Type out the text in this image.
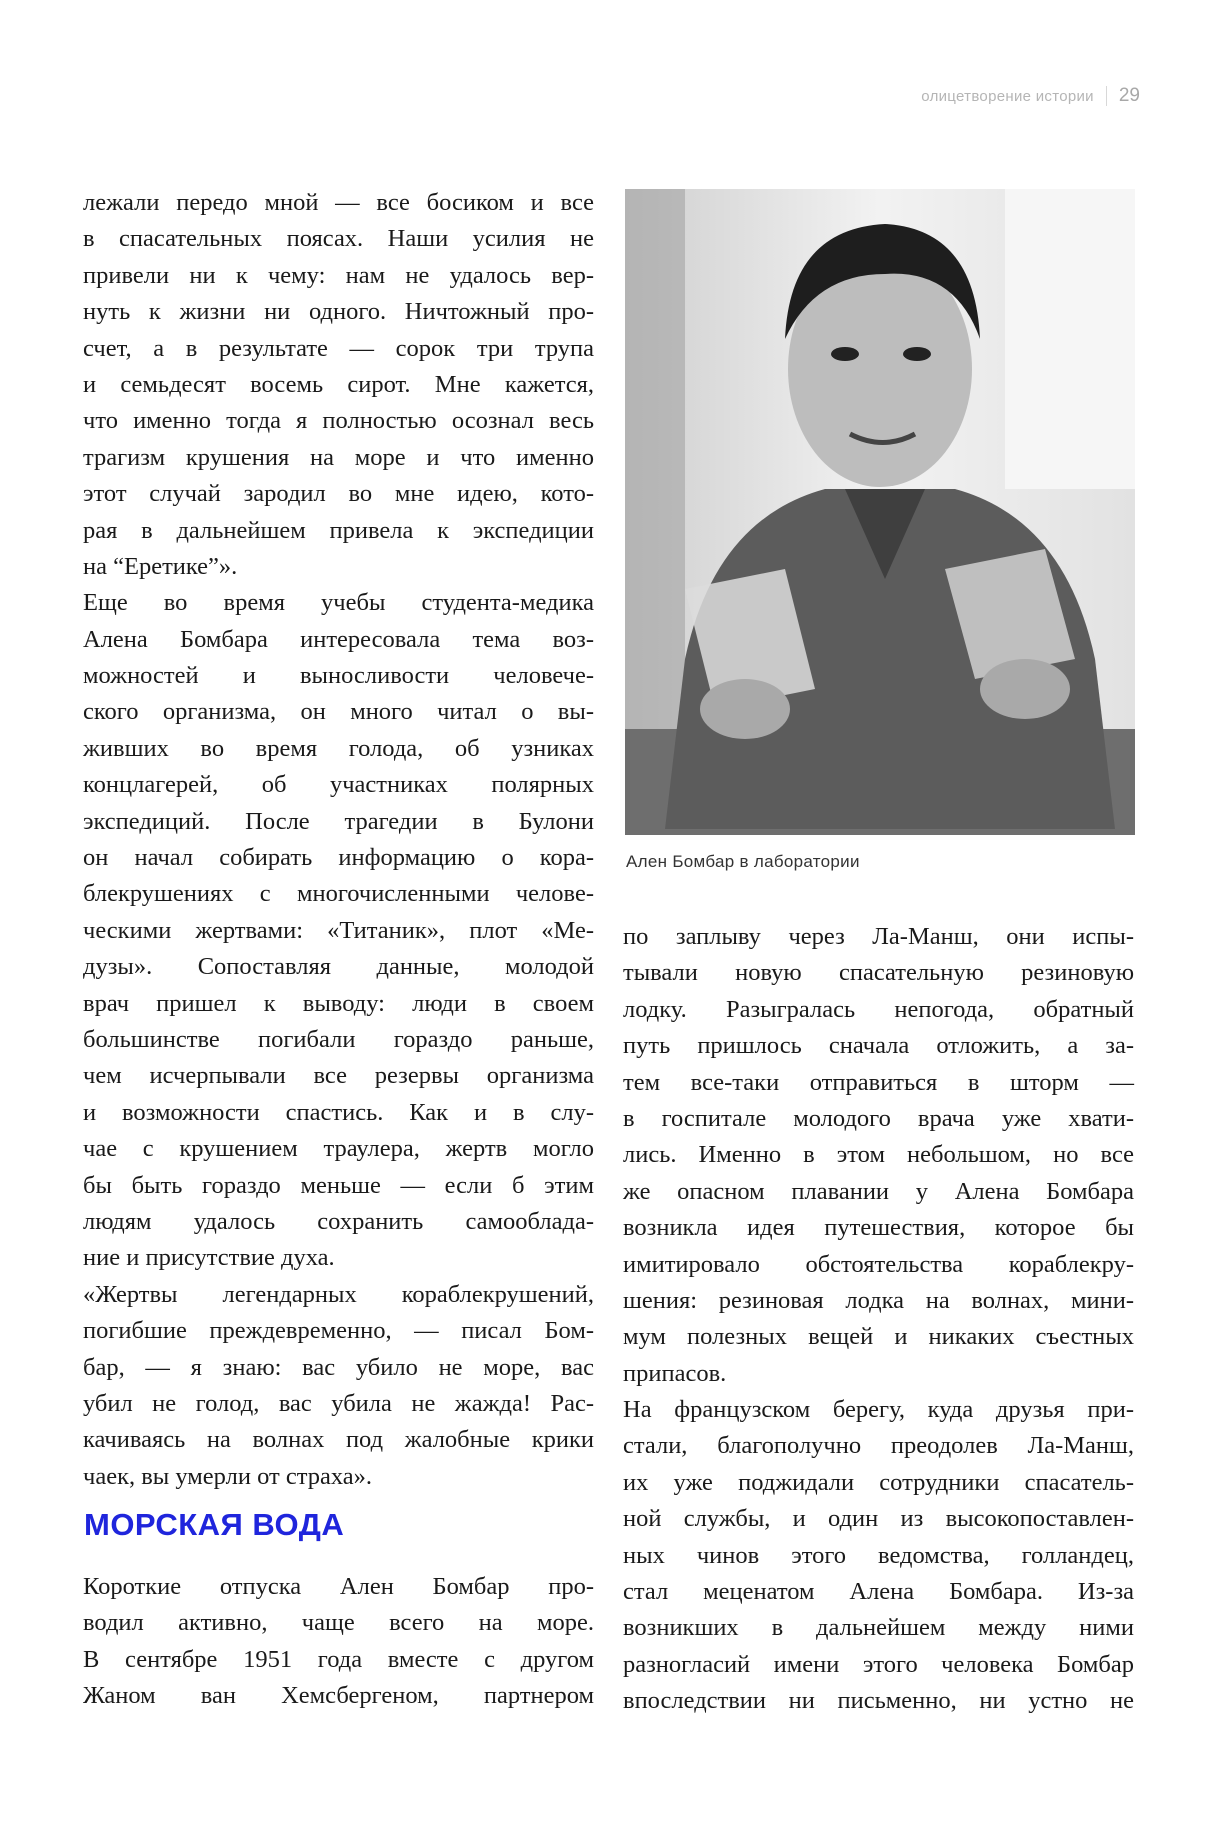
олицетворение истории 29
лежали передо мной — все босиком и все
в спасательных поясах. Наши усилия не
привели ни к чему: нам не удалось вер-
нуть к жизни ни одного. Ничтожный про-
счет, а в результате — сорок три трупа
и семьдесят восемь сирот. Мне кажется,
что именно тогда я полностью осознал весь
трагизм крушения на море и что именно
этот случай зародил во мне идею, кото-
рая в дальнейшем привела к экспедиции
на “Еретике”».
Еще во время учебы студента-медика
Алена Бомбара интересовала тема воз-
можностей и выносливости человече-
ского организма, он много читал о вы-
живших во время голода, об узниках
концлагерей, об участниках полярных
экспедиций. После трагедии в Булони
он начал собирать информацию о кора-
блекрушениях с многочисленными челове-
ческими жертвами: «Титаник», плот «Ме-
дузы». Сопоставляя данные, молодой
врач пришел к выводу: люди в своем
большинстве погибали гораздо раньше,
чем исчерпывали все резервы организма
и возможности спастись. Как и в слу-
чае с крушением траулера, жертв могло
бы быть гораздо меньше — если б этим
людям удалось сохранить самооблада-
ние и присутствие духа.
«Жертвы легендарных кораблекрушений,
погибшие преждевременно, — писал Бом-
бар, — я знаю: вас убило не море, вас
убил не голод, вас убила не жажда! Рас-
качиваясь на волнах под жалобные крики
чаек, вы умерли от страха».
МОРСКАЯ ВОДА
Короткие отпуска Ален Бомбар про-
водил активно, чаще всего на море.
В сентябре 1951 года вместе с другом
Жаном ван Хемсбергеном, партнером
Ален Бомбар в лаборатории
по заплыву через Ла-Манш, они испы-
тывали новую спасательную резиновую
лодку. Разыгралась непогода, обратный
путь пришлось сначала отложить, а за-
тем все-таки отправиться в шторм —
в госпитале молодого врача уже хвати-
лись. Именно в этом небольшом, но все
же опасном плавании у Алена Бомбара
возникла идея путешествия, которое бы
имитировало обстоятельства кораблекру-
шения: резиновая лодка на волнах, мини-
мум полезных вещей и никаких съестных
припасов.
На французском берегу, куда друзья при-
стали, благополучно преодолев Ла-Манш,
их уже поджидали сотрудники спасатель-
ной службы, и один из высокопоставлен-
ных чинов этого ведомства, голландец,
стал меценатом Алена Бомбара. Из-за
возникших в дальнейшем между ними
разногласий имени этого человека Бомбар
впоследствии ни письменно, ни устно не
